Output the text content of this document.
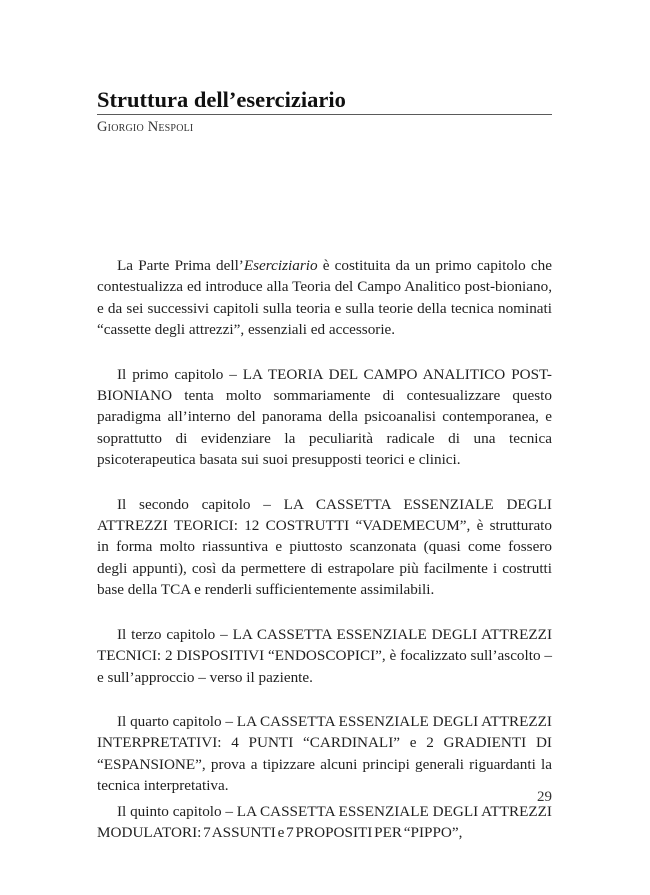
Struttura dell’eserciziario

Giorgio Nespoli

La Parte Prima dell’Eserciziario è costituita da un primo capitolo che contestualizza ed introduce alla Teoria del Campo Analitico post-bioniano, e da sei successivi capitoli sulla teoria e sulla teorie della tecnica nominati “cassette degli attrezzi”, essenziali ed accessorie.

Il primo capitolo – LA TEORIA DEL CAMPO ANALITICO POST-BIONIANO tenta molto sommariamente di contesualizzare questo paradigma all’interno del panorama della psicoanalisi contemporanea, e soprattutto di evidenziare la peculiarità radicale di una tecnica psicoterapeutica basata sui suoi presupposti teorici e clinici.

Il secondo capitolo – LA CASSETTA ESSENZIALE DEGLI ATTREZZI TEORICI: 12 COSTRUTTI “VADEMECUM”, è strutturato in forma molto riassuntiva e piuttosto scanzonata (quasi come fossero degli appunti), così da permettere di estrapolare più facilmente i costrutti base della TCA e renderli sufficientemente assimilabili.

Il terzo capitolo – LA CASSETTA ESSENZIALE DEGLI ATTREZZI TECNICI: 2 DISPOSITIVI “ENDOSCOPICI”, è focalizzato sull’ascolto – e sull’approccio – verso il paziente.

Il quarto capitolo – LA CASSETTA ESSENZIALE DEGLI ATTREZZI INTERPRETATIVI: 4 PUNTI “CARDINALI” e 2 GRADIENTI DI “ESPANSIONE”, prova a tipizzare alcuni principi generali riguardanti la tecnica interpretativa.

Il quinto capitolo – LA CASSETTA ESSENZIALE DEGLI ATTREZZI MODULATORI: 7 ASSUNTI e 7 PROPOSITI PER “PIPPO”,

29
